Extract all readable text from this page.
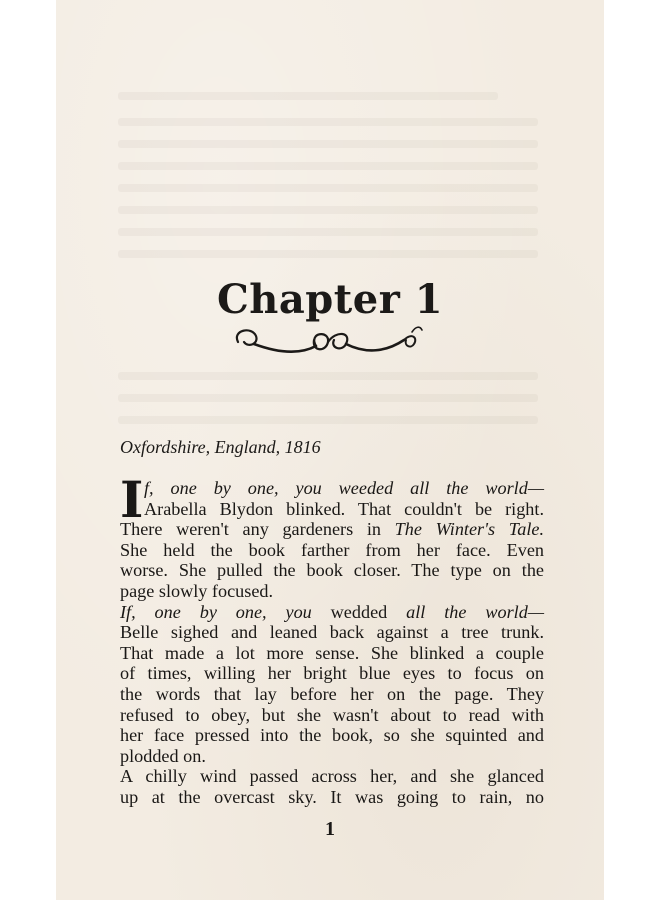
Chapter 1

Oxfordshire, England, 1816

I f, one by one, you weeded all the world—
Arabella Blydon blinked. That couldn't be right.
There weren't any gardeners in The Winter's Tale.
She held the book farther from her face. Even
worse. She pulled the book closer. The type on the
page slowly focused.
If, one by one, you wedded all the world—
Belle sighed and leaned back against a tree trunk.
That made a lot more sense. She blinked a couple
of times, willing her bright blue eyes to focus on
the words that lay before her on the page. They
refused to obey, but she wasn't about to read with
her face pressed into the book, so she squinted and
plodded on.
A chilly wind passed across her, and she glanced
up at the overcast sky. It was going to rain, no

1
